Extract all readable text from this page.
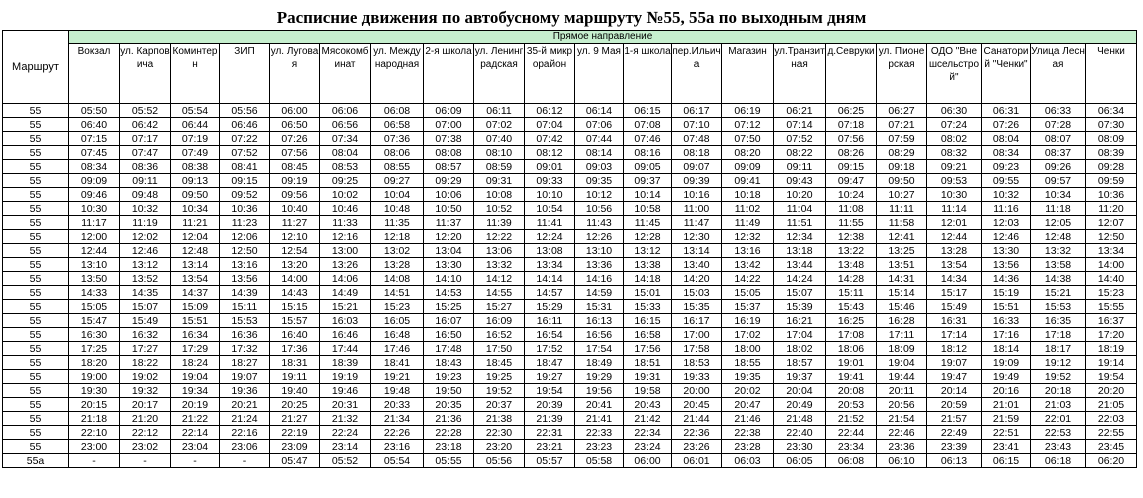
Расписние движения по автобусному маршруту №55, 55а по выходным дням
Маршрут	Прямое направление																				
	Вокзал	ул. Карповича	Коминтерн	ЗИП	ул. Луговая	Мясокомбинат	ул. Международная	2-я школа	ул. Ленинградская	35-й микрорайон	ул. 9 Мая	1-я школа	пер.Ильича	Магазин	ул.Транзитная	д.Севруки	ул. Пионерская	ОДО "Внешсельстрой"	Санаторий "Ченки"	Улица Лесная	Ченки
55	05:50	05:52	05:54	05:56	06:00	06:06	06:08	06:09	06:11	06:12	06:14	06:15	06:17	06:19	06:21	06:25	06:27	06:30	06:31	06:33	06:34
55	06:40	06:42	06:44	06:46	06:50	06:56	06:58	07:00	07:02	07:04	07:06	07:08	07:10	07:12	07:14	07:18	07:21	07:24	07:26	07:28	07:30
55	07:15	07:17	07:19	07:22	07:26	07:34	07:36	07:38	07:40	07:42	07:44	07:46	07:48	07:50	07:52	07:56	07:59	08:02	08:04	08:07	08:09
55	07:45	07:47	07:49	07:52	07:56	08:04	08:06	08:08	08:10	08:12	08:14	08:16	08:18	08:20	08:22	08:26	08:29	08:32	08:34	08:37	08:39
55	08:34	08:36	08:38	08:41	08:45	08:53	08:55	08:57	08:59	09:01	09:03	09:05	09:07	09:09	09:11	09:15	09:18	09:21	09:23	09:26	09:28
55	09:09	09:11	09:13	09:15	09:19	09:25	09:27	09:29	09:31	09:33	09:35	09:37	09:39	09:41	09:43	09:47	09:50	09:53	09:55	09:57	09:59
55	09:46	09:48	09:50	09:52	09:56	10:02	10:04	10:06	10:08	10:10	10:12	10:14	10:16	10:18	10:20	10:24	10:27	10:30	10:32	10:34	10:36
55	10:30	10:32	10:34	10:36	10:40	10:46	10:48	10:50	10:52	10:54	10:56	10:58	11:00	11:02	11:04	11:08	11:11	11:14	11:16	11:18	11:20
55	11:17	11:19	11:21	11:23	11:27	11:33	11:35	11:37	11:39	11:41	11:43	11:45	11:47	11:49	11:51	11:55	11:58	12:01	12:03	12:05	12:07
55	12:00	12:02	12:04	12:06	12:10	12:16	12:18	12:20	12:22	12:24	12:26	12:28	12:30	12:32	12:34	12:38	12:41	12:44	12:46	12:48	12:50
55	12:44	12:46	12:48	12:50	12:54	13:00	13:02	13:04	13:06	13:08	13:10	13:12	13:14	13:16	13:18	13:22	13:25	13:28	13:30	13:32	13:34
55	13:10	13:12	13:14	13:16	13:20	13:26	13:28	13:30	13:32	13:34	13:36	13:38	13:40	13:42	13:44	13:48	13:51	13:54	13:56	13:58	14:00
55	13:50	13:52	13:54	13:56	14:00	14:06	14:08	14:10	14:12	14:14	14:16	14:18	14:20	14:22	14:24	14:28	14:31	14:34	14:36	14:38	14:40
55	14:33	14:35	14:37	14:39	14:43	14:49	14:51	14:53	14:55	14:57	14:59	15:01	15:03	15:05	15:07	15:11	15:14	15:17	15:19	15:21	15:23
55	15:05	15:07	15:09	15:11	15:15	15:21	15:23	15:25	15:27	15:29	15:31	15:33	15:35	15:37	15:39	15:43	15:46	15:49	15:51	15:53	15:55
55	15:47	15:49	15:51	15:53	15:57	16:03	16:05	16:07	16:09	16:11	16:13	16:15	16:17	16:19	16:21	16:25	16:28	16:31	16:33	16:35	16:37
55	16:30	16:32	16:34	16:36	16:40	16:46	16:48	16:50	16:52	16:54	16:56	16:58	17:00	17:02	17:04	17:08	17:11	17:14	17:16	17:18	17:20
55	17:25	17:27	17:29	17:32	17:36	17:44	17:46	17:48	17:50	17:52	17:54	17:56	17:58	18:00	18:02	18:06	18:09	18:12	18:14	18:17	18:19
55	18:20	18:22	18:24	18:27	18:31	18:39	18:41	18:43	18:45	18:47	18:49	18:51	18:53	18:55	18:57	19:01	19:04	19:07	19:09	19:12	19:14
55	19:00	19:02	19:04	19:07	19:11	19:19	19:21	19:23	19:25	19:27	19:29	19:31	19:33	19:35	19:37	19:41	19:44	19:47	19:49	19:52	19:54
55	19:30	19:32	19:34	19:36	19:40	19:46	19:48	19:50	19:52	19:54	19:56	19:58	20:00	20:02	20:04	20:08	20:11	20:14	20:16	20:18	20:20
55	20:15	20:17	20:19	20:21	20:25	20:31	20:33	20:35	20:37	20:39	20:41	20:43	20:45	20:47	20:49	20:53	20:56	20:59	21:01	21:03	21:05
55	21:18	21:20	21:22	21:24	21:27	21:32	21:34	21:36	21:38	21:39	21:41	21:42	21:44	21:46	21:48	21:52	21:54	21:57	21:59	22:01	22:03
55	22:10	22:12	22:14	22:16	22:19	22:24	22:26	22:28	22:30	22:31	22:33	22:34	22:36	22:38	22:40	22:44	22:46	22:49	22:51	22:53	22:55
55	23:00	23:02	23:04	23:06	23:09	23:14	23:16	23:18	23:20	23:21	23:23	23:24	23:26	23:28	23:30	23:34	23:36	23:39	23:41	23:43	23:45
55а	-	-	-	-	05:47	05:52	05:54	05:55	05:56	05:57	05:58	06:00	06:01	06:03	06:05	06:08	06:10	06:13	06:15	06:18	06:20
